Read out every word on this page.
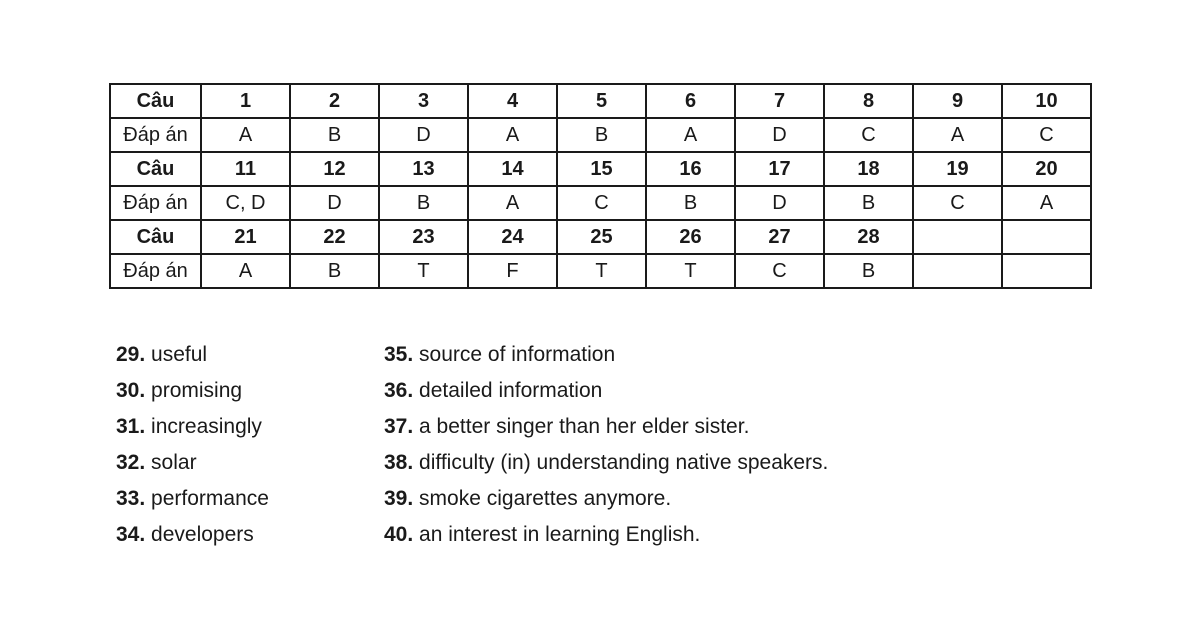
Câu	1	2	3	4	5	6	7	8	9	10
Đáp án	A	B	D	A	B	A	D	C	A	C
Câu	11	12	13	14	15	16	17	18	19	20
Đáp án	C, D	D	B	A	C	B	D	B	C	A
Câu	21	22	23	24	25	26	27	28		
Đáp án	A	B	T	F	T	T	C	B		
29. useful
30. promising
31. increasingly
32. solar
33. performance
34. developers
35. source of information
36. detailed information
37. a better singer than her elder sister.
38. difficulty (in) understanding native speakers.
39. smoke cigarettes anymore.
40. an interest in learning English.
